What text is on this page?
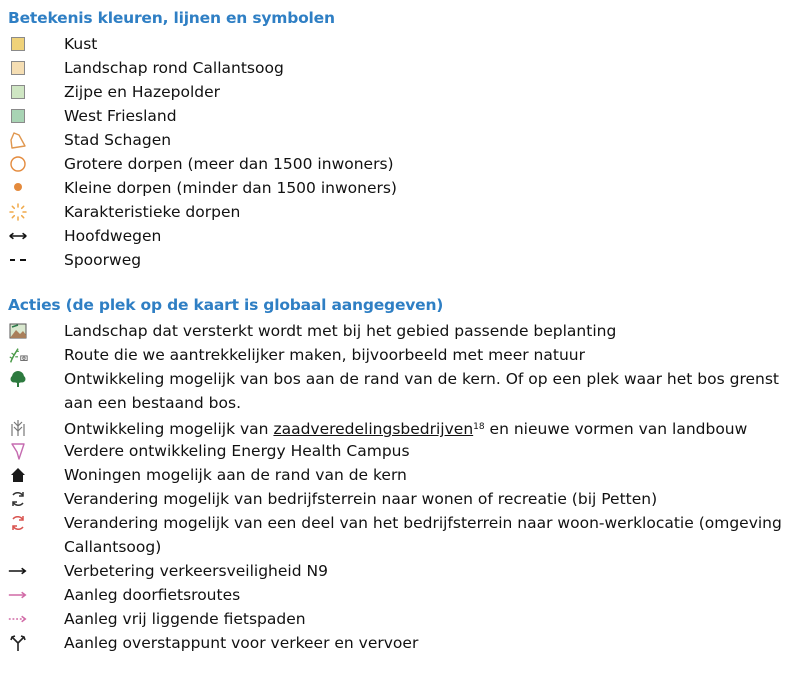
Betekenis kleuren, lijnen en symbolen
Kust
Landschap rond Callantsoog
Zijpe en Hazepolder
West Friesland
Stad Schagen
Grotere dorpen (meer dan 1500 inwoners)
Kleine dorpen (minder dan 1500 inwoners)
Karakteristieke dorpen
Hoofdwegen
Spoorweg
Acties (de plek op de kaart is globaal aangegeven)
Landschap dat versterkt wordt met bij het gebied passende beplanting
Route die we aantrekkelijker maken, bijvoorbeeld met meer natuur
Ontwikkeling mogelijk van bos aan de rand van de kern. Of op een plek waar het bos grenst aan een bestaand bos.
Ontwikkeling mogelijk van zaadveredelingsbedrijven$^{18}$ en nieuwe vormen van landbouw
Verdere ontwikkeling Energy Health Campus
Woningen mogelijk aan de rand van de kern
Verandering mogelijk van bedrijfsterrein naar wonen of recreatie (bij Petten)
Verandering mogelijk van een deel van het bedrijfsterrein naar woon-werklocatie (omgeving Callantsoog)
Verbetering verkeersveiligheid N9
Aanleg doorfietsroutes
Aanleg vrij liggende fietspaden
Aanleg overstappunt voor verkeer en vervoer
